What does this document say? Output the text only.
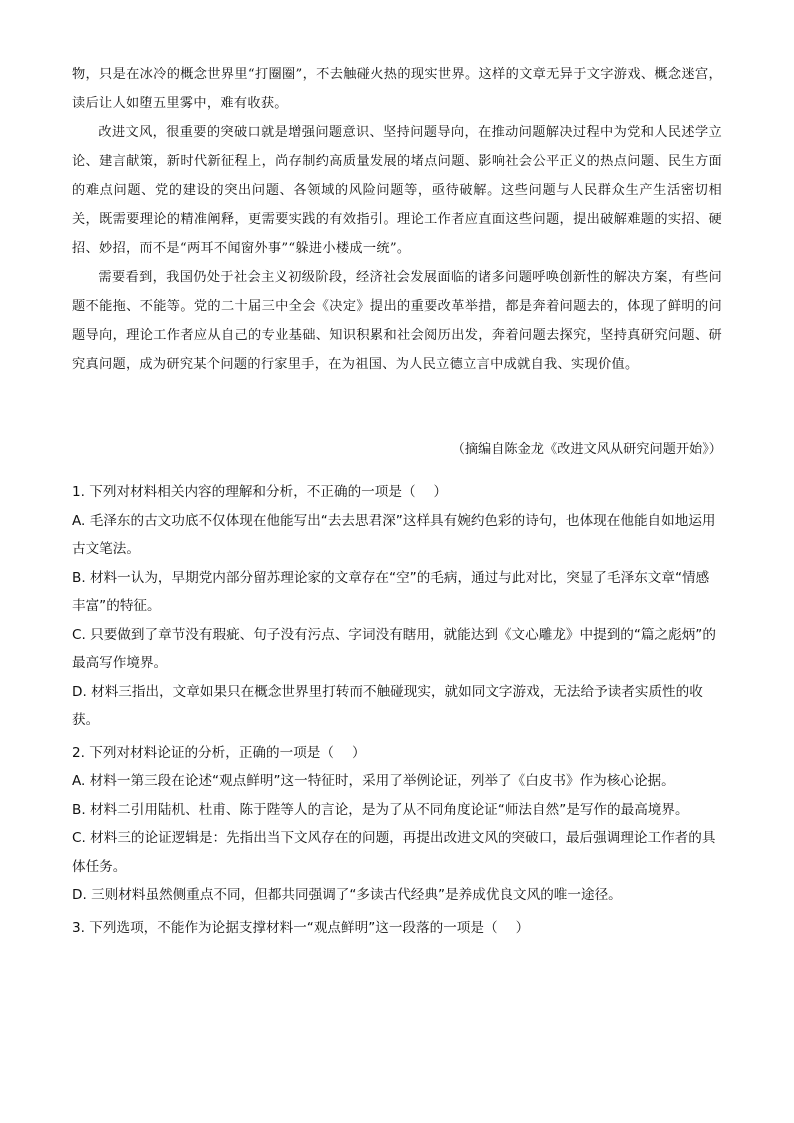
物，只是在冰冷的概念世界里“打圈圈”，不去触碰火热的现实世界。这样的文章无异于文字游戏、概念迷宫，读后让人如堕五里雾中，难有收获。

改进文风，很重要的突破口就是增强问题意识、坚持问题导向，在推动问题解决过程中为党和人民述学立论、建言献策，新时代新征程上，尚存制约高质量发展的堵点问题、影响社会公平正义的热点问题、民生方面的难点问题、党的建设的突出问题、各领域的风险问题等，亟待破解。这些问题与人民群众生产生活密切相关，既需要理论的精准阐释，更需要实践的有效指引。理论工作者应直面这些问题，提出破解难题的实招、硬招、妙招，而不是“两耳不闻窗外事”“躲进小楼成一统”。

需要看到，我国仍处于社会主义初级阶段，经济社会发展面临的诸多问题呼唤创新性的解决方案，有些问题不能拖、不能等。党的二十届三中全会《决定》提出的重要改革举措，都是奔着问题去的，体现了鲜明的问题导向，理论工作者应从自己的专业基础、知识积累和社会阅历出发，奔着问题去探究，坚持真研究问题、研究真问题，成为研究某个问题的行家里手，在为祖国、为人民立德立言中成就自我、实现价值。

（摘编自陈金龙《改进文风从研究问题开始》）

1. 下列对材料相关内容的理解和分析，不正确的一项是（ ）

A. 毛泽东的古文功底不仅体现在他能写出“去去思君深”这样具有婉约色彩的诗句，也体现在他能自如地运用古文笔法。

B. 材料一认为，早期党内部分留苏理论家的文章存在“空”的毛病，通过与此对比，突显了毛泽东文章“情感丰富”的特征。

C. 只要做到了章节没有瑕疵、句子没有污点、字词没有瞎用，就能达到《文心雕龙》中提到的“篇之彪炳”的最高写作境界。

D. 材料三指出，文章如果只在概念世界里打转而不触碰现实，就如同文字游戏，无法给予读者实质性的收获。

2. 下列对材料论证的分析，正确的一项是（ ）

A. 材料一第三段在论述“观点鲜明”这一特征时，采用了举例论证，列举了《白皮书》作为核心论据。

B. 材料二引用陆机、杜甫、陈于陛等人的言论，是为了从不同角度论证“师法自然”是写作的最高境界。

C. 材料三的论证逻辑是：先指出当下文风存在的问题，再提出改进文风的突破口，最后强调理论工作者的具体任务。

D. 三则材料虽然侧重点不同，但都共同强调了“多读古代经典”是养成优良文风的唯一途径。

3. 下列选项，不能作为论据支撑材料一“观点鲜明”这一段落的一项是（ ）
